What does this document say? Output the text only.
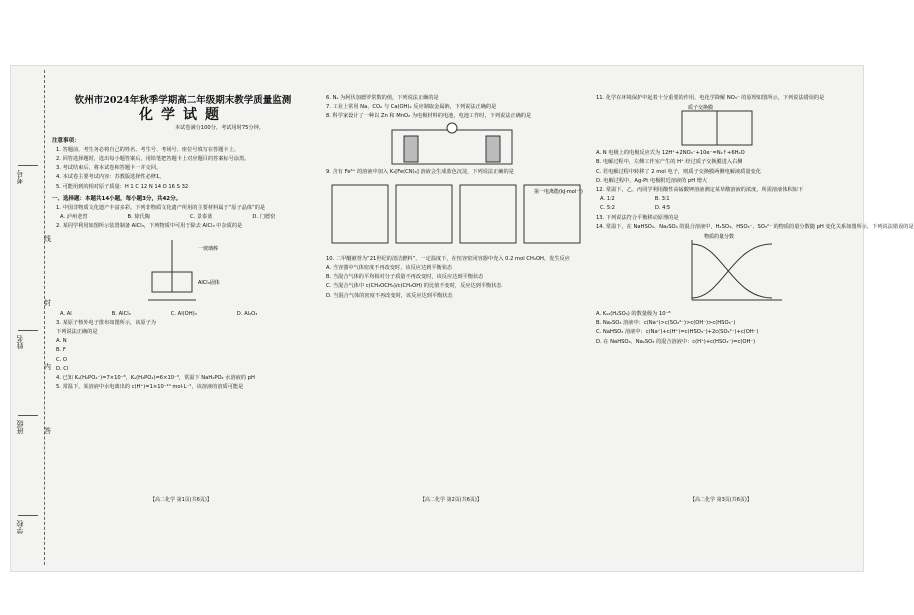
考号
姓名
班级
学校
线
封
内
答
钦州市2024年秋季学期高二年级期末教学质量监测
化学试题
本试卷满分100分，考试用时75分钟。
注意事项：
1. 答题前，考生务必将自己的姓名、考生号、考场号、座位号填写在答题卡上。
2. 回答选择题时，选出每小题答案后，用铅笔把答题卡上对应题目的答案标号涂黑。
3. 考试结束后，将本试卷和答题卡一并交回。
4. 本试卷主要考试内容：苏教版选择性必修1。
5. 可能用到的相对原子质量：H 1 C 12 N 14 O 16 S 32
一、选择题：本题共14小题，每小题3分，共42分。
1. 中国非物质文化遗产丰富多彩。下列非物质文化遗产所用的主要材料属于“原子晶体”的是
A. 泸州老窖	B. 徐氏陶	C. 景泰蓝	D. 门德窑
2. 某同学利用如图所示装置制备 AlCl₃，下列物质中可用于除去 AlCl₃ 中杂质的是
一玻璃棒
AlCl₃固体
A. Al	B. AlCl₃	C. Al(OH)₃	D. Al₂O₃
3. 某原子核外电子排布如图所示，该原子为
下列说法正确的是
A. N
B. F
C. O
D. Cl
4. 已知 Kₐ(H₂PO₄⁻)=7×10⁻⁸，Kₐ(H₃PO₄)=6×10⁻³，常温下 NaH₂PO₄ 水溶液的 pH
5. 常温下，某溶液中水电离出的 c(H⁺)=1×10⁻¹⁰ mol·L⁻¹，该溶液的溶质可能是
【高二化学 第1页(共6页)】
6. Nₐ 为阿伏加德罗常数的值，下列说法正确的是
7. 工业上常用 Na、CO₂ 与 Ca(OH)₂ 反应制取金属钠，下列说法正确的是
8. 科学家设计了一种以 Zn 和 MnO₂ 为电极材料的电池，电池工作时，下列说法正确的是
9. 含有 Fe³⁺ 的溶液中加入 K₃[Fe(CN)₆] 溶液会生成蓝色沉淀，下列说法正确的是
第一电离能(kJ·mol⁻¹)
10. 二甲醚被誉为“21世纪的清洁燃料”，一定温度下，在恒容密闭容器中充入 0.2 mol CH₃OH，发生反应
A. 当容器中气体密度不再改变时，该反应达到平衡状态
B. 当混合气体的平均相对分子质量不再改变时，该反应达到平衡状态
C. 当混合气体中 c(CH₃OCH₃)/c(CH₃OH) 的比值不变时，反应达到平衡状态
D. 当混合气体的密度不再改变时，该反应达到平衡状态
【高二化学 第2页(共6页)】
11. 化学在环境保护中起着十分重要的作用，电化学降解 NO₃⁻ 的原理如图所示，下列说法错误的是
质子交换膜
A. N 电极上的电极反应式为 12H⁺+2NO₃⁻+10e⁻=N₂↑+6H₂O
B. 电解过程中，左侧工作室产生的 H⁺ 经过质子交换膜进入右侧
C. 若电解过程中转移了 2 mol 电子，则质子交换膜两侧电解液质量变化
D. 电解过程中，Ag-Pt 电极附近溶液的 pH 增大
12. 常温下，乙、丙同学利用酸性高锰酸钾溶液测定某草酸溶液的浓度，所需溶液体积如下
A. 1∶2	B. 3∶1
C. 5∶2	D. 4∶5
13. 下列说法符合平衡移动原理的是
14. 常温下，在 NaHSO₃、Na₂SO₃ 的混合溶液中，H₂SO₃、HSO₃⁻、SO₃²⁻ 的物质的量分数随 pH 变化关系如图所示，下列说法错误的是
物质的量分数
A. Kₐ₂(H₂SO₃) 的数量级为 10⁻⁸
B. Na₂SO₃ 溶液中：c(Na⁺)>c(SO₃²⁻)>c(OH⁻)>c(HSO₃⁻)
C. NaHSO₃ 溶液中：c(Na⁺)+c(H⁺)=c(HSO₃⁻)+2c(SO₃²⁻)+c(OH⁻)
D. 在 NaHSO₃、Na₂SO₃ 的混合溶液中：c(H⁺)+c(HSO₃⁻)=c(OH⁻)
【高二化学 第3页(共6页)】
